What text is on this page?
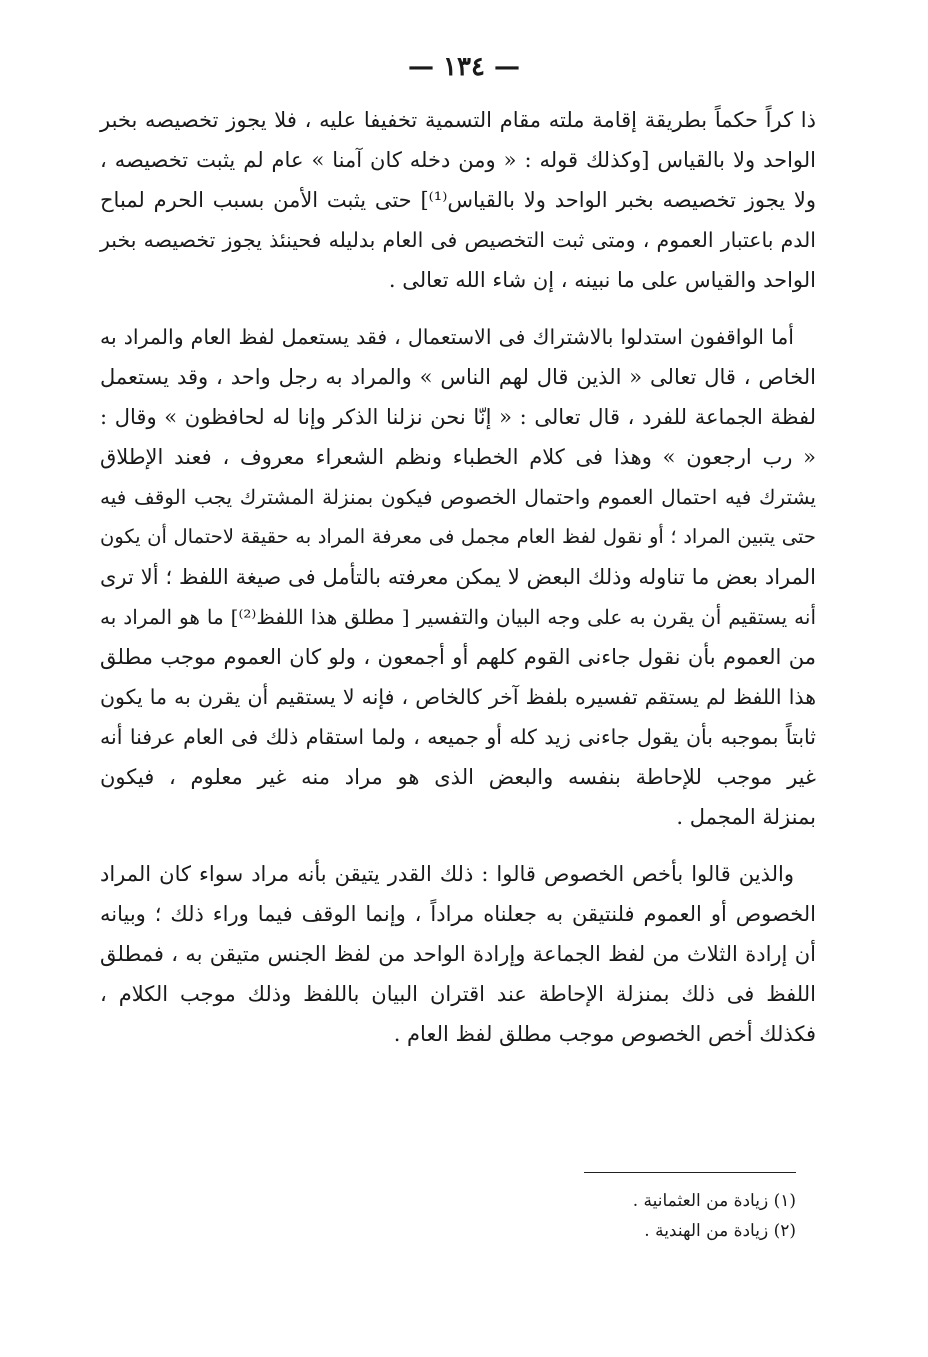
— ١٣٤ —

ذا كراً حكماً بطريقة إقامة ملته مقام التسمية تخفيفا عليه ، فلا يجوز تخصيصه بخبر
الواحد ولا بالقياس [وكذلك قوله : « ومن دخله كان آمنا » عام لم يثبت تخصيصه ،
ولا يجوز تخصيصه بخبر الواحد ولا بالقياس⁽¹⁾] حتى يثبت الأمن بسبب الحرم لمباح
الدم باعتبار العموم ، ومتى ثبت التخصيص فى العام بدليله فحينئذ يجوز تخصيصه بخبر
الواحد والقياس على ما نبينه ، إن شاء الله تعالى .

أما الواقفون استدلوا بالاشتراك فى الاستعمال ، فقد يستعمل لفظ العام والمراد به
الخاص ، قال تعالى « الذين قال لهم الناس » والمراد به رجل واحد ، وقد يستعمل
لفظة الجماعة للفرد ، قال تعالى : « إنّا نحن نزلنا الذكر وإنا له لحافظون » وقال :
« رب ارجعون » وهذا فى كلام الخطباء ونظم الشعراء معروف ، فعند الإطلاق
يشترك فيه احتمال العموم واحتمال الخصوص فيكون بمنزلة المشترك يجب الوقف فيه
حتى يتبين المراد ؛ أو نقول لفظ العام مجمل فى معرفة المراد به حقيقة لاحتمال أن يكون
المراد بعض ما تناوله وذلك البعض لا يمكن معرفته بالتأمل فى صيغة اللفظ ؛ ألا ترى
أنه يستقيم أن يقرن به على وجه البيان والتفسير [ مطلق هذا اللفظ⁽²⁾] ما هو المراد به
من العموم بأن نقول جاءنى القوم كلهم أو أجمعون ، ولو كان العموم موجب مطلق
هذا اللفظ لم يستقم تفسيره بلفظ آخر كالخاص ، فإنه لا يستقيم أن يقرن به ما يكون
ثابتاً بموجبه بأن يقول جاءنى زيد كله أو جميعه ، ولما استقام ذلك فى العام عرفنا أنه
غير موجب للإحاطة بنفسه والبعض الذى هو مراد منه غير معلوم ، فيكون
بمنزلة المجمل .

والذين قالوا بأخص الخصوص قالوا : ذلك القدر يتيقن بأنه مراد سواء كان المراد
الخصوص أو العموم فلنتيقن به جعلناه مراداً ، وإنما الوقف فيما وراء ذلك ؛ وبيانه
أن إرادة الثلاث من لفظ الجماعة وإرادة الواحد من لفظ الجنس متيقن به ، فمطلق
اللفظ فى ذلك بمنزلة الإحاطة عند اقتران البيان باللفظ وذلك موجب الكلام ،
فكذلك أخص الخصوص موجب مطلق لفظ العام .

(١) زيادة من العثمانية .
(٢) زيادة من الهندية .
